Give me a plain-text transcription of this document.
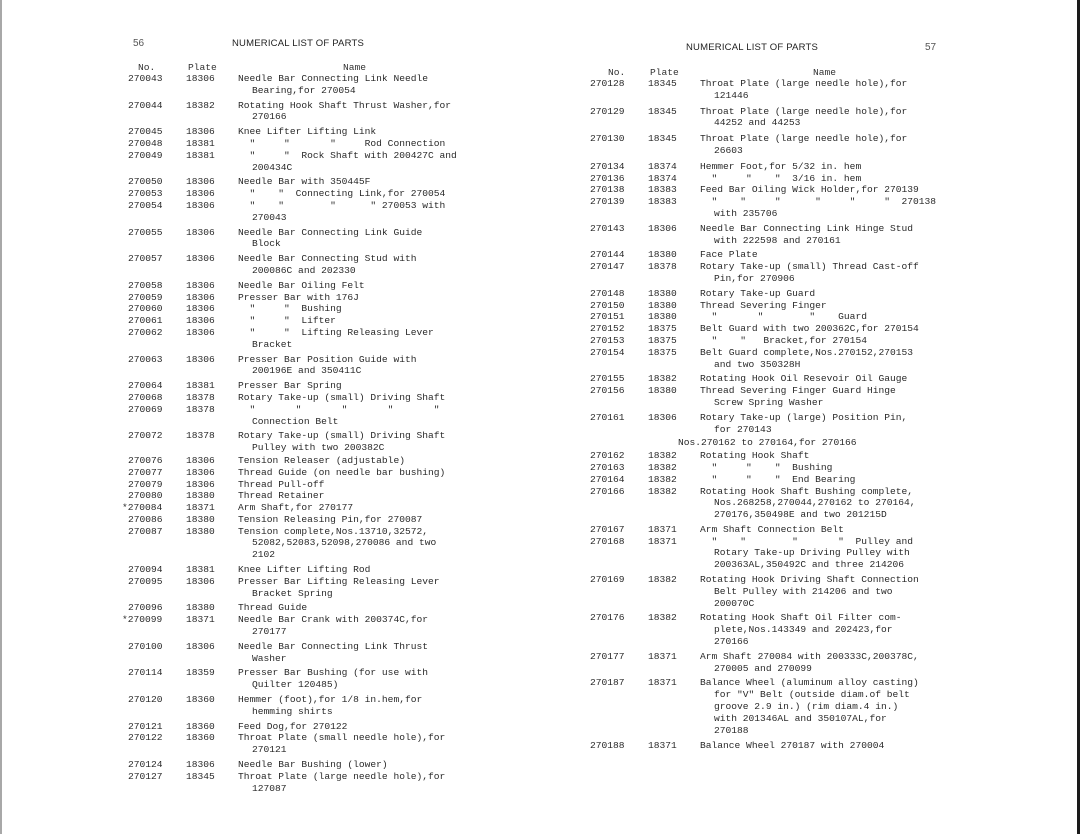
56	NUMERICAL LIST OF PARTS
No.	Plate	Name
270043	18306 Needle Bar Connecting Link Needle
Bearing,for 270054
270044	18382 Rotating Hook Shaft Thrust Washer,for
270166
270045	18306 Knee Lifter Lifting Link
270048	18381 "     "       "     Rod Connection
270049	18381 "     "  Rock Shaft with 200427C and
200434C
270050	18306 Needle Bar with 350445F
270053	18306 "    "  Connecting Link,for 270054
270054	18306 "    "        "      " 270053 with
270043
270055	18306 Needle Bar Connecting Link Guide
Block
270057	18306 Needle Bar Connecting Stud with
200086C and 202330
270058	18306 Needle Bar Oiling Felt
270059	18306 Presser Bar with 176J
270060	18306 "     "  Bushing
270061	18306 "     "  Lifter
270062	18306 "     "  Lifting Releasing Lever
Bracket
270063	18306 Presser Bar Position Guide with
200196E and 350411C
270064	18381 Presser Bar Spring
270068	18378 Rotary Take-up (small) Driving Shaft
270069	18378 "       "       "       "       "
Connection Belt
270072	18378 Rotary Take-up (small) Driving Shaft
Pulley with two 200382C
270076	18306 Tension Releaser (adjustable)
270077	18306 Thread Guide (on needle bar bushing)
270079	18306 Thread Pull-off
270080	18380 Thread Retainer
*270084	18371 Arm Shaft,for 270177
270086	18380 Tension Releasing Pin,for 270087
270087	18380 Tension complete,Nos.13710,32572,
52082,52083,52098,270086 and two
2102
270094	18381 Knee Lifter Lifting Rod
270095	18306 Presser Bar Lifting Releasing Lever
Bracket Spring
270096	18380 Thread Guide
*270099	18371 Needle Bar Crank with 200374C,for
270177
270100	18306 Needle Bar Connecting Link Thrust
Washer
270114	18359 Presser Bar Bushing (for use with
Quilter 120485)
270120	18360 Hemmer (foot),for 1/8 in.hem,for
hemming shirts
270121	18360 Feed Dog,for 270122
270122	18360 Throat Plate (small needle hole),for
270121
270124	18306 Needle Bar Bushing (lower)
270127	18345 Throat Plate (large needle hole),for
127087
NUMERICAL LIST OF PARTS	57
No.	Plate	Name
270128	18345 Throat Plate (large needle hole),for
121446
270129	18345 Throat Plate (large needle hole),for
44252 and 44253
270130	18345 Throat Plate (large needle hole),for
26603
270134	18374 Hemmer Foot,for 5/32 in. hem
270136	18374 "     "    "  3/16 in. hem
270138	18383 Feed Bar Oiling Wick Holder,for 270139
270139	18383 "    "     "      "     "     "  270138
with 235706
270143	18306 Needle Bar Connecting Link Hinge Stud
with 222598 and 270161
270144	18380 Face Plate
270147	18378 Rotary Take-up (small) Thread Cast-off
Pin,for 270906
270148	18380 Rotary Take-up Guard
270150	18380 Thread Severing Finger
270151	18380 "       "        "    Guard
270152	18375 Belt Guard with two 200362C,for 270154
270153	18375 "    "   Bracket,for 270154
270154	18375 Belt Guard complete,Nos.270152,270153
and two 350328H
270155	18382 Rotating Hook Oil Resevoir Oil Gauge
270156	18380 Thread Severing Finger Guard Hinge
Screw Spring Washer
270161	18306 Rotary Take-up (large) Position Pin,
for 270143
Nos.270162 to 270164,for 270166
270162	18382 Rotating Hook Shaft
270163	18382 "     "    "  Bushing
270164	18382 "     "    "  End Bearing
270166	18382 Rotating Hook Shaft Bushing complete,
Nos.268258,270044,270162 to 270164,
270176,350498E and two 201215D
270167	18371 Arm Shaft Connection Belt
270168	18371 "    "        "       "  Pulley and
Rotary Take-up Driving Pulley with
200363AL,350492C and three 214206
270169	18382 Rotating Hook Driving Shaft Connection
Belt Pulley with 214206 and two
200070C
270176	18382 Rotating Hook Shaft Oil Filter com-
plete,Nos.143349 and 202423,for
270166
270177	18371 Arm Shaft 270084 with 200333C,200378C,
270005 and 270099
270187	18371 Balance Wheel (aluminum alloy casting)
for "V" Belt (outside diam.of belt
groove 2.9 in.) (rim diam.4 in.)
with 201346AL and 350107AL,for
270188
270188	18371 Balance Wheel 270187 with 270004
